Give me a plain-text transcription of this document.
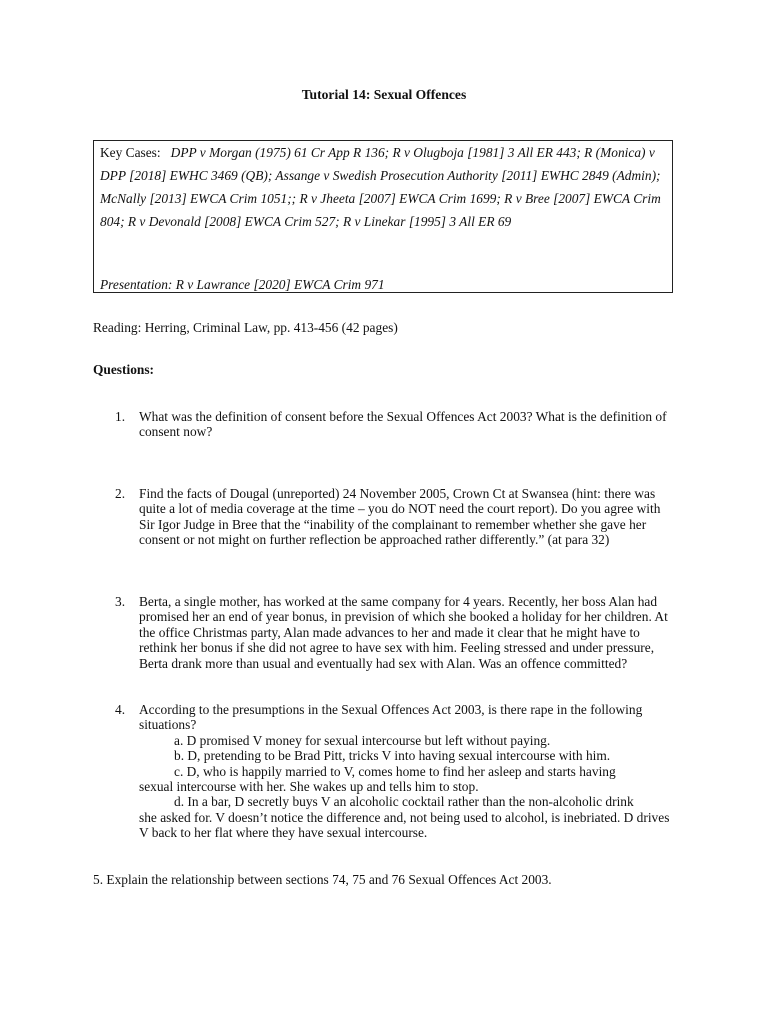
Tutorial 14: Sexual Offences
Key Cases: DPP v Morgan (1975) 61 Cr App R 136; R v Olugboja [1981] 3 All ER 443; R (Monica) v DPP [2018] EWHC 3469 (QB); Assange v Swedish Prosecution Authority [2011] EWHC 2849 (Admin); McNally [2013] EWCA Crim 1051;; R v Jheeta [2007] EWCA Crim 1699; R v Bree [2007] EWCA Crim 804; R v Devonald [2008] EWCA Crim 527; R v Linekar [1995] 3 All ER 69
Presentation: R v Lawrance [2020] EWCA Crim 971
Reading: Herring, Criminal Law, pp. 413-456 (42 pages)
Questions:
1.	What was the definition of consent before the Sexual Offences Act 2003? What is the definition of consent now?
2.	Find the facts of Dougal (unreported) 24 November 2005, Crown Ct at Swansea (hint: there was quite a lot of media coverage at the time – you do NOT need the court report). Do you agree with Sir Igor Judge in Bree that the “inability of the complainant to remember whether she gave her consent or not might on further reflection be approached rather differently.” (at para 32)
3.	Berta, a single mother, has worked at the same company for 4 years. Recently, her boss Alan had promised her an end of year bonus, in prevision of which she booked a holiday for her children. At the office Christmas party, Alan made advances to her and made it clear that he might have to rethink her bonus if she did not agree to have sex with him. Feeling stressed and under pressure, Berta drank more than usual and eventually had sex with Alan. Was an offence committed?
4.	According to the presumptions in the Sexual Offences Act 2003, is there rape in the following situations?
a. D promised V money for sexual intercourse but left without paying.
b. D, pretending to be Brad Pitt, tricks V into having sexual intercourse with him.
c. D, who is happily married to V, comes home to find her asleep and starts having
sexual intercourse with her. She wakes up and tells him to stop.
d. In a bar, D secretly buys V an alcoholic cocktail rather than the non-alcoholic drink
she asked for. V doesn’t notice the difference and, not being used to alcohol, is inebriated. D drives V back to her flat where they have sexual intercourse.
5. Explain the relationship between sections 74, 75 and 76 Sexual Offences Act 2003.
